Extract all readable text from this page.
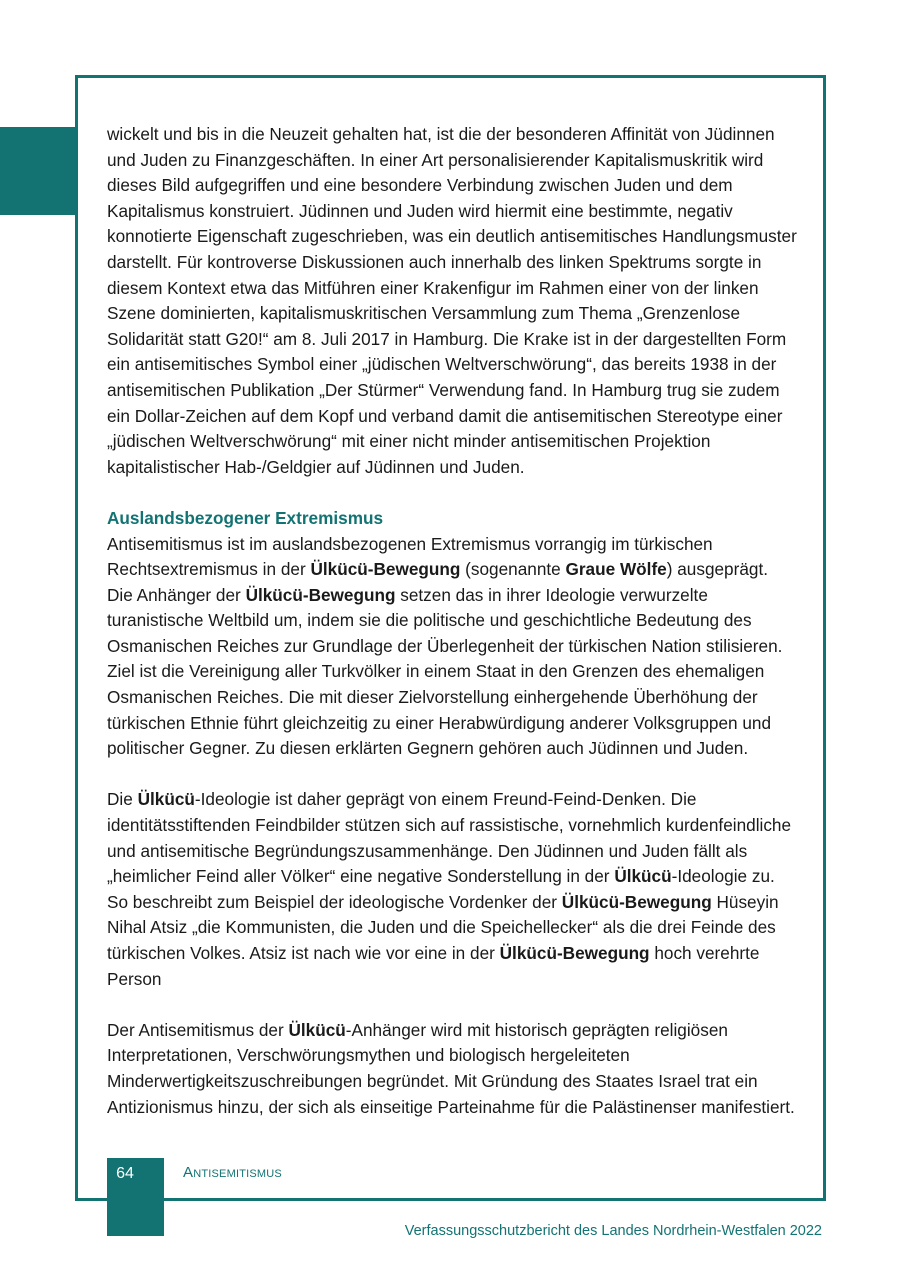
wickelt und bis in die Neuzeit gehalten hat, ist die der besonderen Affinität von Jüdinnen und Juden zu Finanzgeschäften. In einer Art personalisierender Kapitalismuskritik wird dieses Bild aufgegriffen und eine besondere Verbindung zwischen Juden und dem Kapitalismus konstruiert. Jüdinnen und Juden wird hiermit eine bestimmte, negativ konnotierte Eigenschaft zugeschrieben, was ein deutlich antisemitisches Handlungsmuster darstellt. Für kontroverse Diskussionen auch innerhalb des linken Spektrums sorgte in diesem Kontext etwa das Mitführen einer Krakenfigur im Rahmen einer von der linken Szene dominierten, kapitalismuskritischen Versammlung zum Thema „Grenzenlose Solidarität statt G20!“ am 8. Juli 2017 in Hamburg. Die Krake ist in der dargestellten Form ein antisemitisches Symbol einer „jüdischen Weltverschwörung“, das bereits 1938 in der antisemitischen Publikation „Der Stürmer“ Verwendung fand. In Hamburg trug sie zudem ein Dollar-Zeichen auf dem Kopf und verband damit die antisemitischen Stereotype einer „jüdischen Weltverschwörung“ mit einer nicht minder antisemitischen Projektion kapitalistischer Hab-/Geldgier auf Jüdinnen und Juden.

Auslandsbezogener Extremismus

Antisemitismus ist im auslandsbezogenen Extremismus vorrangig im türkischen Rechtsextremismus in der Ülkücü-Bewegung (sogenannte Graue Wölfe) ausgeprägt. Die Anhänger der Ülkücü-Bewegung setzen das in ihrer Ideologie verwurzelte turanistische Weltbild um, indem sie die politische und geschichtliche Bedeutung des Osmanischen Reiches zur Grundlage der Überlegenheit der türkischen Nation stilisieren. Ziel ist die Vereinigung aller Turkvölker in einem Staat in den Grenzen des ehemaligen Osmanischen Reiches. Die mit dieser Zielvorstellung einhergehende Überhöhung der türkischen Ethnie führt gleichzeitig zu einer Herabwürdigung anderer Volksgruppen und politischer Gegner. Zu diesen erklärten Gegnern gehören auch Jüdinnen und Juden.

Die Ülkücü-Ideologie ist daher geprägt von einem Freund-Feind-Denken. Die identitätsstiftenden Feindbilder stützen sich auf rassistische, vornehmlich kurdenfeindliche und antisemitische Begründungszusammenhänge. Den Jüdinnen und Juden fällt als „heimlicher Feind aller Völker“ eine negative Sonderstellung in der Ülkücü-Ideologie zu. So beschreibt zum Beispiel der ideologische Vordenker der Ülkücü-Bewegung Hüseyin Nihal Atsiz „die Kommunisten, die Juden und die Speichellecker“ als die drei Feinde des türkischen Volkes. Atsiz ist nach wie vor eine in der Ülkücü-Bewegung hoch verehrte Person

Der Antisemitismus der Ülkücü-Anhänger wird mit historisch geprägten religiösen Interpretationen, Verschwörungsmythen und biologisch hergeleiteten Minderwertigkeitszuschreibungen begründet. Mit Gründung des Staates Israel trat ein Antizionismus hinzu, der sich als einseitige Parteinahme für die Palästinenser manifestiert.

64	Antisemitismus
Verfassungsschutzbericht des Landes Nordrhein-Westfalen 2022
